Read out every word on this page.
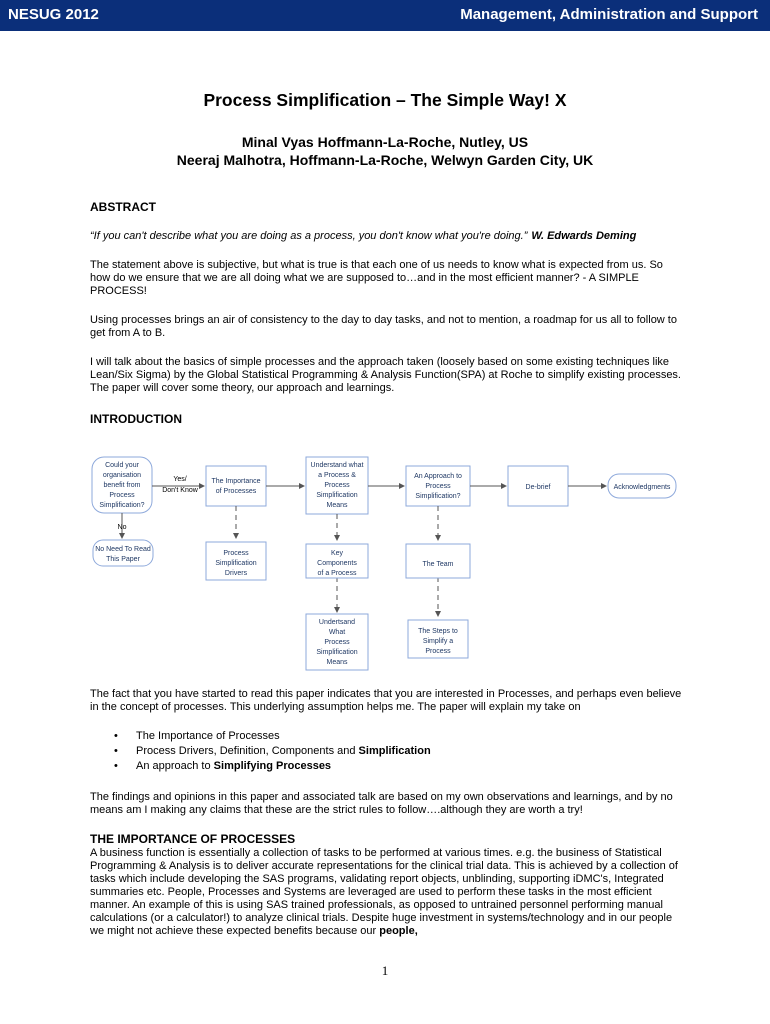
NESUG 2012	Management, Administration and Support
Process Simplification – The Simple Way! X
Minal Vyas Hoffmann-La-Roche, Nutley, US
Neeraj Malhotra, Hoffmann-La-Roche, Welwyn Garden City, UK
ABSTRACT

“If you can't describe what you are doing as a process, you don't know what you're doing.” W. Edwards Deming

The statement above is subjective, but what is true is that each one of us needs to know what is expected from us. So how do we ensure that we are all doing what we are supposed to…and in the most efficient manner? - A SIMPLE PROCESS!

Using processes brings an air of consistency to the day to day tasks, and not to mention, a roadmap for us all to follow to get from A to B.

I will talk about the basics of simple processes and the approach taken (loosely based on some existing techniques like Lean/Six Sigma) by the Global Statistical Programming & Analysis Function(SPA) at Roche to simplify existing processes. The paper will cover some theory, our approach and learnings.

INTRODUCTION
Could your
organisation
benefit from
Process
Simplification?
Yes/
Don't Know
The Importance
of Processes
Understand what
a Process &
Process
Simplification
Means
An Approach to
Process
Simplification?
De-brief	Acknowledgments
No
No Need To Read
This Paper
Process
Simplification
Drivers
Key
Components
of a Process
The Team
Undertsand
What
Process
Simplification
Means
The Steps to
Simplify a
Process

The fact that you have started to read this paper indicates that you are interested in Processes, and perhaps even believe in the concept of processes. This underlying assumption helps me. The paper will explain my take on

• The Importance of Processes
• Process Drivers, Definition, Components and Simplification
• An approach to Simplifying Processes

The findings and opinions in this paper and associated talk are based on my own observations and learnings, and by no means am I making any claims that these are the strict rules to follow….although they are worth a try!

THE IMPORTANCE OF PROCESSES

A business function is essentially a collection of tasks to be performed at various times. e.g. the business of Statistical Programming & Analysis is to deliver accurate representations for the clinical trial data. This is achieved by a collection of tasks which include developing the SAS programs, validating report objects, unblinding, supporting iDMC's, Integrated summaries etc. People, Processes and Systems are leveraged are used to perform these tasks in the most efficient manner. An example of this is using SAS trained professionals, as opposed to untrained personnel performing manual calculations (or a calculator!) to analyze clinical trials. Despite huge investment in systems/technology and in our people we might not achieve these expected benefits because our people,

1
